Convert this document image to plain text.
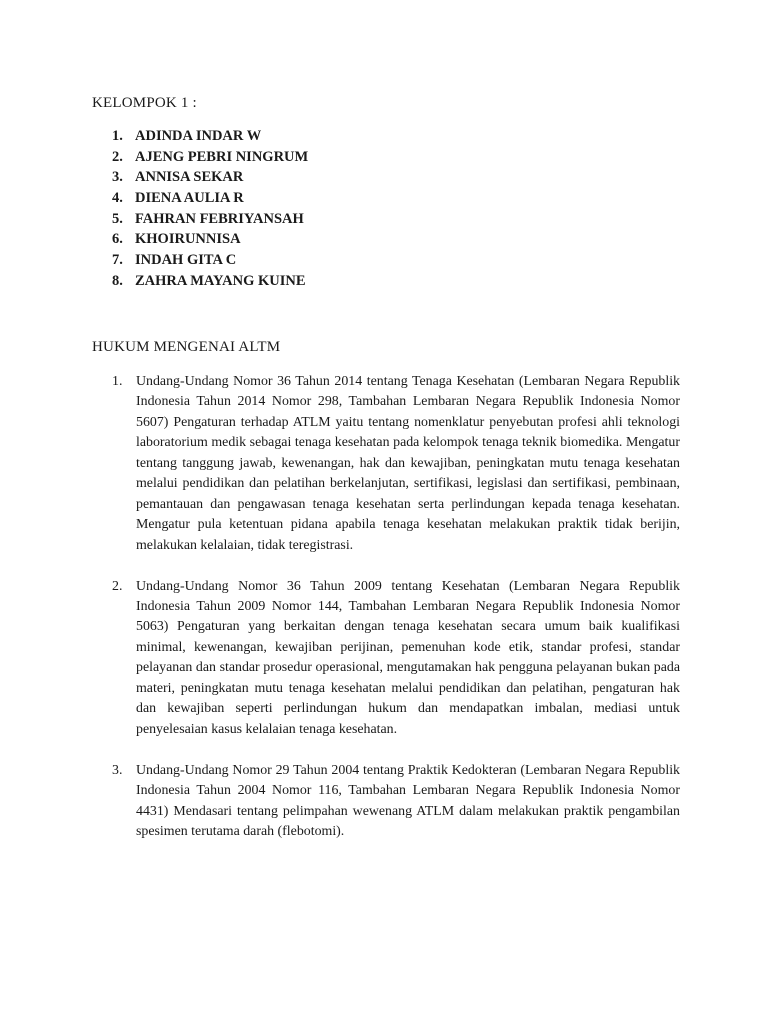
KELOMPOK 1 :
1. ADINDA INDAR W
2. AJENG PEBRI NINGRUM
3. ANNISA SEKAR
4. DIENA AULIA R
5. FAHRAN FEBRIYANSAH
6. KHOIRUNNISA
7. INDAH GITA C
8. ZAHRA MAYANG KUINE
HUKUM MENGENAI ALTM
1. Undang-Undang Nomor 36 Tahun 2014 tentang Tenaga Kesehatan (Lembaran Negara Republik Indonesia Tahun 2014 Nomor 298, Tambahan Lembaran Negara Republik Indonesia Nomor 5607) Pengaturan terhadap ATLM yaitu tentang nomenklatur penyebutan profesi ahli teknologi laboratorium medik sebagai tenaga kesehatan pada kelompok tenaga teknik biomedika. Mengatur tentang tanggung jawab, kewenangan, hak dan kewajiban, peningkatan mutu tenaga kesehatan melalui pendidikan dan pelatihan berkelanjutan, sertifikasi, legislasi dan sertifikasi, pembinaan, pemantauan dan pengawasan tenaga kesehatan serta perlindungan kepada tenaga kesehatan. Mengatur pula ketentuan pidana apabila tenaga kesehatan melakukan praktik tidak berijin, melakukan kelalaian, tidak teregistrasi.
2. Undang-Undang Nomor 36 Tahun 2009 tentang Kesehatan (Lembaran Negara Republik Indonesia Tahun 2009 Nomor 144, Tambahan Lembaran Negara Republik Indonesia Nomor 5063) Pengaturan yang berkaitan dengan tenaga kesehatan secara umum baik kualifikasi minimal, kewenangan, kewajiban perijinan, pemenuhan kode etik, standar profesi, standar pelayanan dan standar prosedur operasional, mengutamakan hak pengguna pelayanan bukan pada materi, peningkatan mutu tenaga kesehatan melalui pendidikan dan pelatihan, pengaturan hak dan kewajiban seperti perlindungan hukum dan mendapatkan imbalan, mediasi untuk penyelesaian kasus kelalaian tenaga kesehatan.
3. Undang-Undang Nomor 29 Tahun 2004 tentang Praktik Kedokteran (Lembaran Negara Republik Indonesia Tahun 2004 Nomor 116, Tambahan Lembaran Negara Republik Indonesia Nomor 4431) Mendasari tentang pelimpahan wewenang ATLM dalam melakukan praktik pengambilan spesimen terutama darah (flebotomi).
